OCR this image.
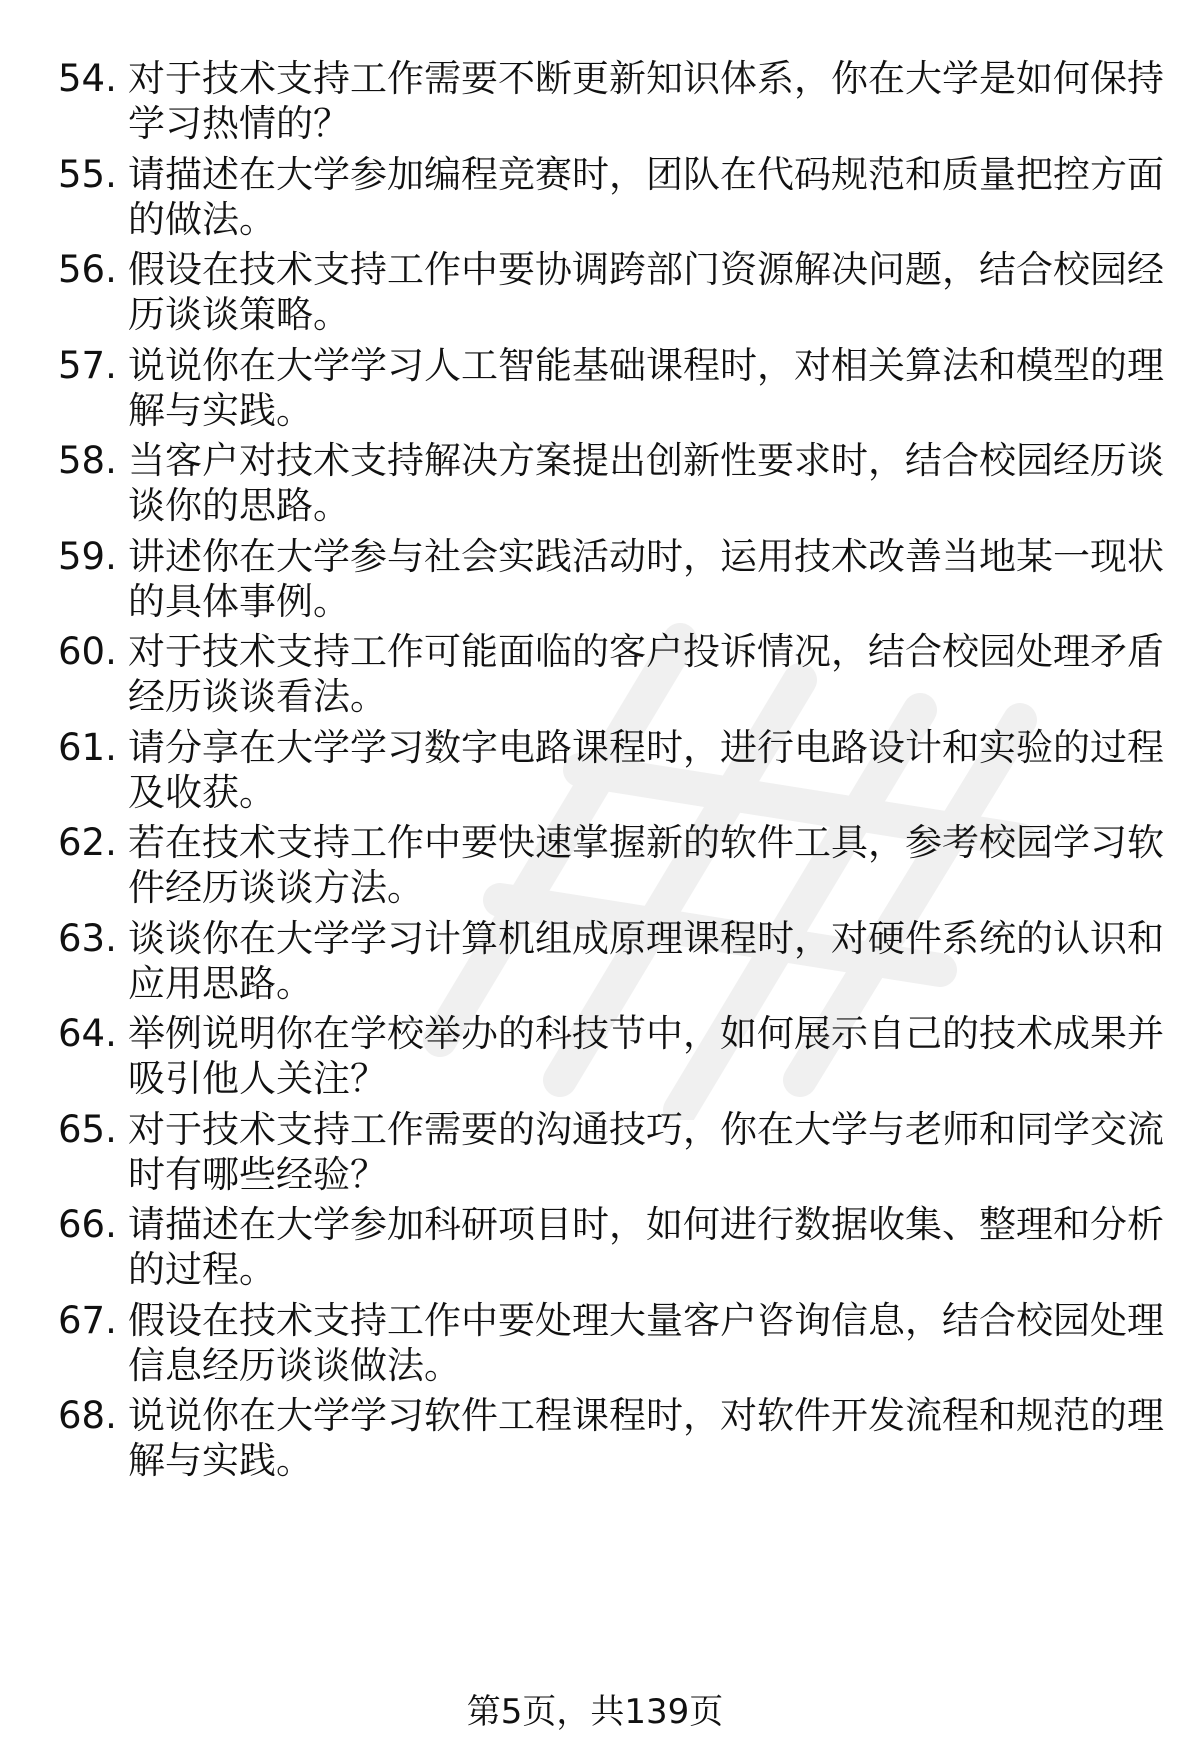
54. 对于技术支持工作需要不断更新知识体系，你在大学是如何保持
学习热情的？
55. 请描述在大学参加编程竞赛时，团队在代码规范和质量把控方面
的做法。
56. 假设在技术支持工作中要协调跨部门资源解决问题，结合校园经
历谈谈策略。
57. 说说你在大学学习人工智能基础课程时，对相关算法和模型的理
解与实践。
58. 当客户对技术支持解决方案提出创新性要求时，结合校园经历谈
谈你的思路。
59. 讲述你在大学参与社会实践活动时，运用技术改善当地某一现状
的具体事例。
60. 对于技术支持工作可能面临的客户投诉情况，结合校园处理矛盾
经历谈谈看法。
61. 请分享在大学学习数字电路课程时，进行电路设计和实验的过程
及收获。
62. 若在技术支持工作中要快速掌握新的软件工具，参考校园学习软
件经历谈谈方法。
63. 谈谈你在大学学习计算机组成原理课程时，对硬件系统的认识和
应用思路。
64. 举例说明你在学校举办的科技节中，如何展示自己的技术成果并
吸引他人关注？
65. 对于技术支持工作需要的沟通技巧，你在大学与老师和同学交流
时有哪些经验？
66. 请描述在大学参加科研项目时，如何进行数据收集、整理和分析
的过程。
67. 假设在技术支持工作中要处理大量客户咨询信息，结合校园处理
信息经历谈谈做法。
68. 说说你在大学学习软件工程课程时，对软件开发流程和规范的理
解与实践。
第5页，共139页
